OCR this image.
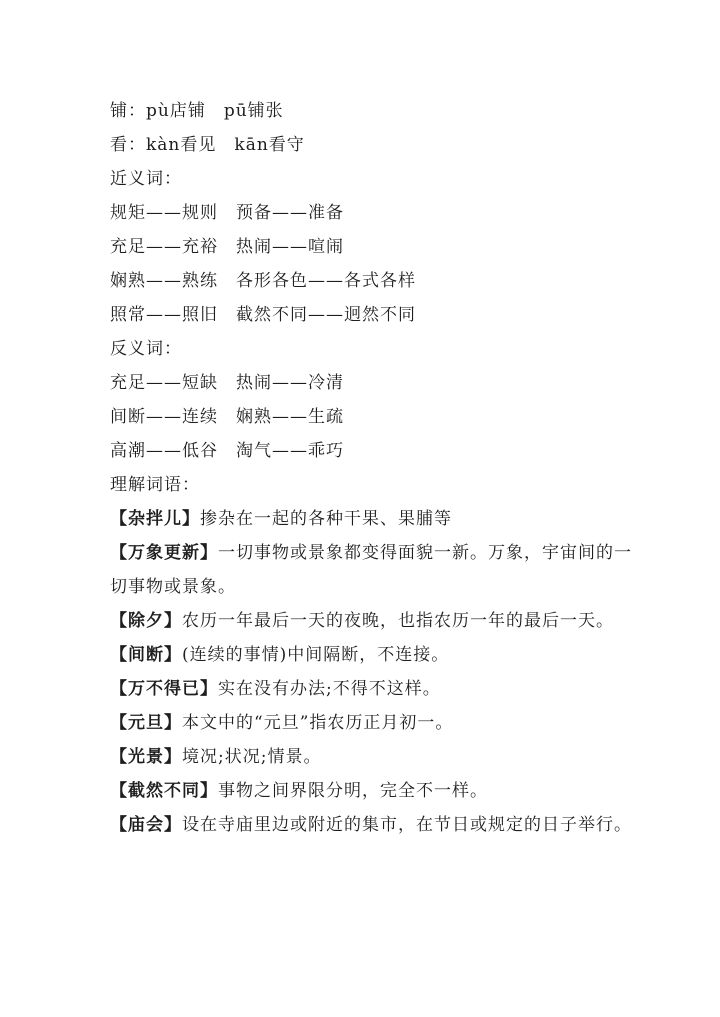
铺：pù店铺 pū铺张
看：kàn看见 kān看守
近义词：
规矩——规则 预备——准备
充足——充裕 热闹——喧闹
娴熟——熟练 各形各色——各式各样
照常——照旧 截然不同——迥然不同
反义词：
充足——短缺 热闹——冷清
间断——连续 娴熟——生疏
高潮——低谷 淘气——乖巧
理解词语：
【杂拌儿】掺杂在一起的各种干果、果脯等
【万象更新】一切事物或景象都变得面貌一新。万象，宇宙间的一切事物或景象。
【除夕】农历一年最后一天的夜晚，也指农历一年的最后一天。
【间断】(连续的事情)中间隔断，不连接。
【万不得已】实在没有办法;不得不这样。
【元旦】本文中的“元旦”指农历正月初一。
【光景】境况;状况;情景。
【截然不同】事物之间界限分明，完全不一样。
【庙会】设在寺庙里边或附近的集市，在节日或规定的日子举行。
